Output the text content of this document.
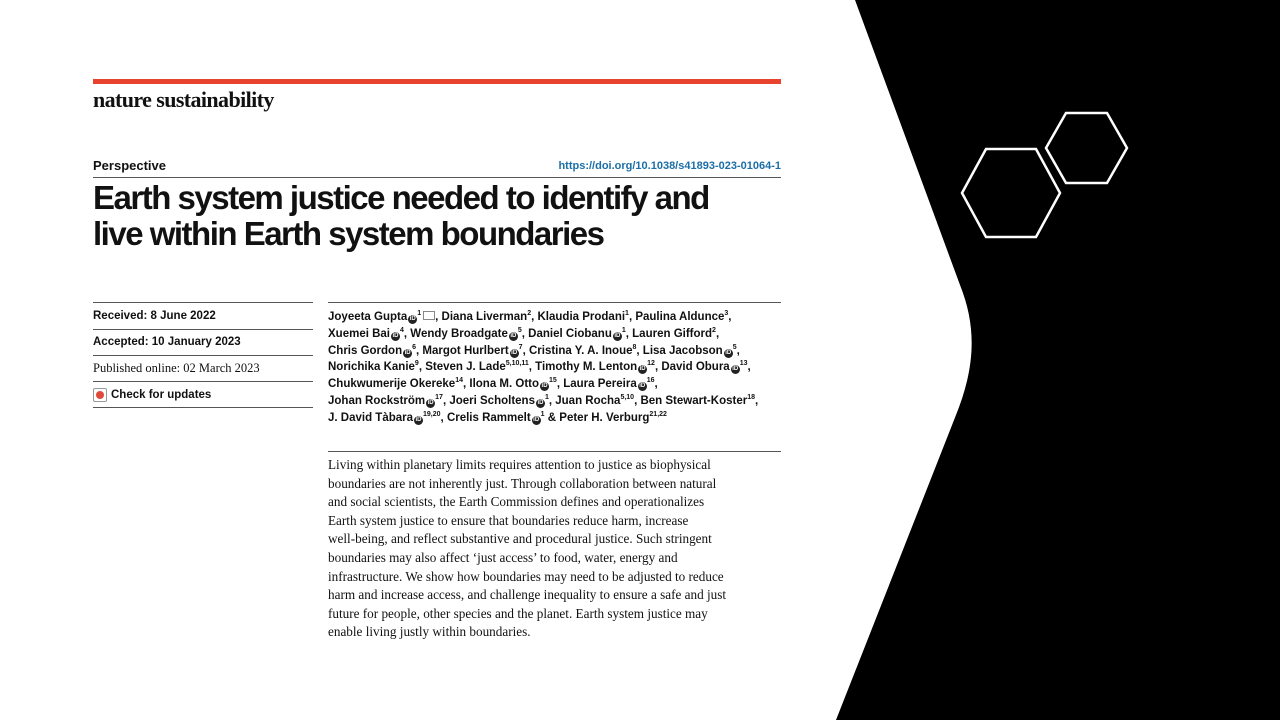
nature sustainability
Perspective	https://doi.org/10.1038/s41893-023-01064-1
Earth system justice needed to identify and
live within Earth system boundaries
Received: 8 June 2022
Accepted: 10 January 2023
Published online: 02 March 2023
Check for updates
Joyeeta Gupta $iD^1$ , Diana Liverman$^2$, Klaudia Prodani$^1$, Paulina Aldunce$^3$,
Xuemei Bai $iD^4$, Wendy Broadgate $iD^5$, Daniel Ciobanu $iD^1$, Lauren Gifford$^2$,
Chris Gordon $iD^6$, Margot Hurlbert $iD^7$, Cristina Y. A. Inoue$^8$, Lisa Jacobson $iD^5$,
Norichika Kanie$^9$, Steven J. Lade$^{5,10,11}$, Timothy M. Lenton $iD^{12}$, David Obura $iD^{13}$,
Chukwumerije Okereke$^{14}$, Ilona M. Otto $iD^{15}$, Laura Pereira $iD^{16}$,
Johan Rockström $iD^{17}$, Joeri Scholtens $iD^1$, Juan Rocha$^{5,10}$, Ben Stewart-Koster$^{18}$,
J. David Tàbara iD$^{19,20}$, Crelis Rammelt $iD^1$ & Peter H. Verburg$^{21,22}$
Living within planetary limits requires attention to justice as biophysical
boundaries are not inherently just. Through collaboration between natural
and social scientists, the Earth Commission defines and operationalizes
Earth system justice to ensure that boundaries reduce harm, increase
well-being, and reflect substantive and procedural justice. Such stringent
boundaries may also affect ‘just access’ to food, water, energy and
infrastructure. We show how boundaries may need to be adjusted to reduce
harm and increase access, and challenge inequality to ensure a safe and just
future for people, other species and the planet. Earth system justice may
enable living justly within boundaries.
